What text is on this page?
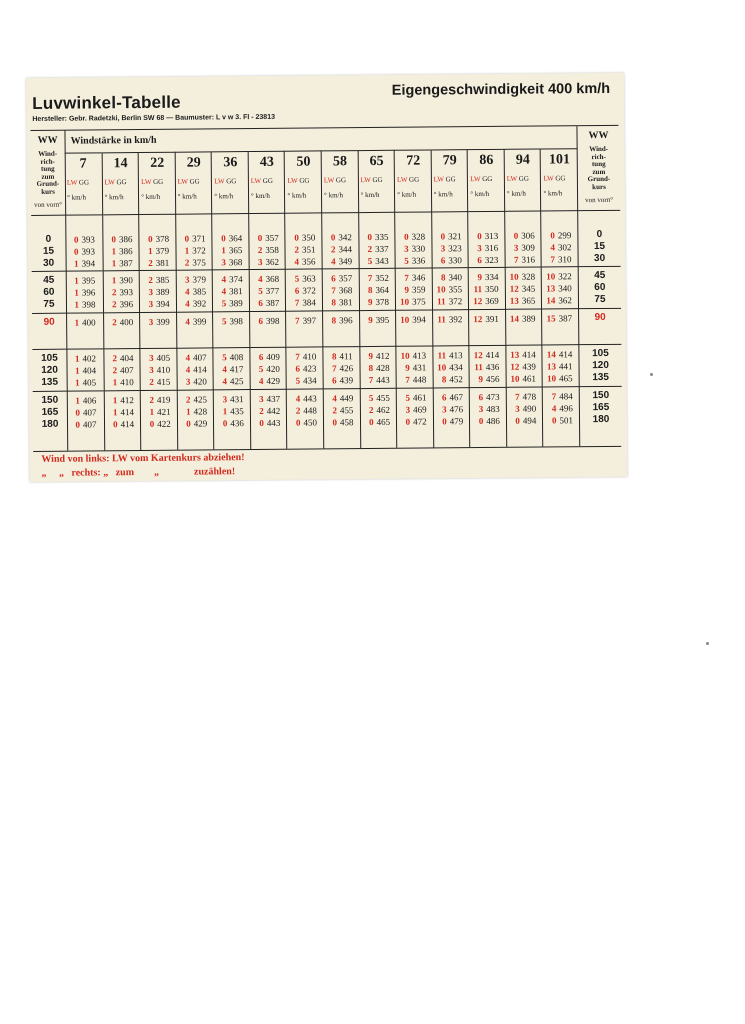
Luvwinkel-Tabelle
Eigengeschwindigkeit 400 km/h
Hersteller: Gebr. Radetzki, Berlin SW 68 — Baumuster: L v w 3. Fl - 23813
WW
Wind-
rich-
tung
zum
Grund-
kurs
von vorn°
0
15
30
45
60
75
90
105
120
135
150
165
180
Windstärke in km/h
7
LW GG
° km/h
0 393
0 393
1 394
1 395
1 396
1 398
1 400
1 402
1 404
1 405
1 406
0 407
0 407
14
LW GG
° km/h
0 386
1 386
1 387
1 390
2 393
2 396
2 400
2 404
2 407
1 410
1 412
1 414
0 414
22
LW GG
° km/h
0 378
1 379
2 381
2 385
3 389
3 394
3 399
3 405
3 410
2 415
2 419
1 421
0 422
29
LW GG
° km/h
0 371
1 372
2 375
3 379
4 385
4 392
4 399
4 407
4 414
3 420
2 425
1 428
0 429
36
LW GG
° km/h
0 364
1 365
3 368
4 374
4 381
5 389
5 398
5 408
4 417
4 425
3 431
1 435
0 436
43
LW GG
° km/h
0 357
2 358
3 362
4 368
5 377
6 387
6 398
6 409
5 420
4 429
3 437
2 442
0 443
50
LW GG
° km/h
0 350
2 351
4 356
5 363
6 372
7 384
7 397
7 410
6 423
5 434
4 443
2 448
0 450
58
LW GG
° km/h
0 342
2 344
4 349
6 357
7 368
8 381
8 396
8 411
7 426
6 439
4 449
2 455
0 458
65
LW GG
° km/h
0 335
2 337
5 343
7 352
8 364
9 378
9 395
9 412
8 428
7 443
5 455
2 462
0 465
72
LW GG
° km/h
0 328
3 330
5 336
7 346
9 359
10 375
10 394
10 413
9 431
7 448
5 461
3 469
0 472
79
LW GG
° km/h
0 321
3 323
6 330
8 340
10 355
11 372
11 392
11 413
10 434
8 452
6 467
3 476
0 479
86
LW GG
° km/h
0 313
3 316
6 323
9 334
11 350
12 369
12 391
12 414
11 436
9 456
6 473
3 483
0 486
94
LW GG
° km/h
0 306
3 309
7 316
10 328
12 345
13 365
14 389
13 414
12 439
10 461
7 478
3 490
0 494
101
LW GG
° km/h
0 299
4 302
7 310
10 322
13 340
14 362
15 387
14 414
13 441
10 465
7 484
4 496
0 501
WW
Wind-
rich-
tung
zum
Grund-
kurs
von vorn°
0
15
30
45
60
75
90
105
120
135
150
165
180
Wind von links: LW vom Kartenkurs abziehen!
„     „   rechts: „   zum        „              zuzählen!
